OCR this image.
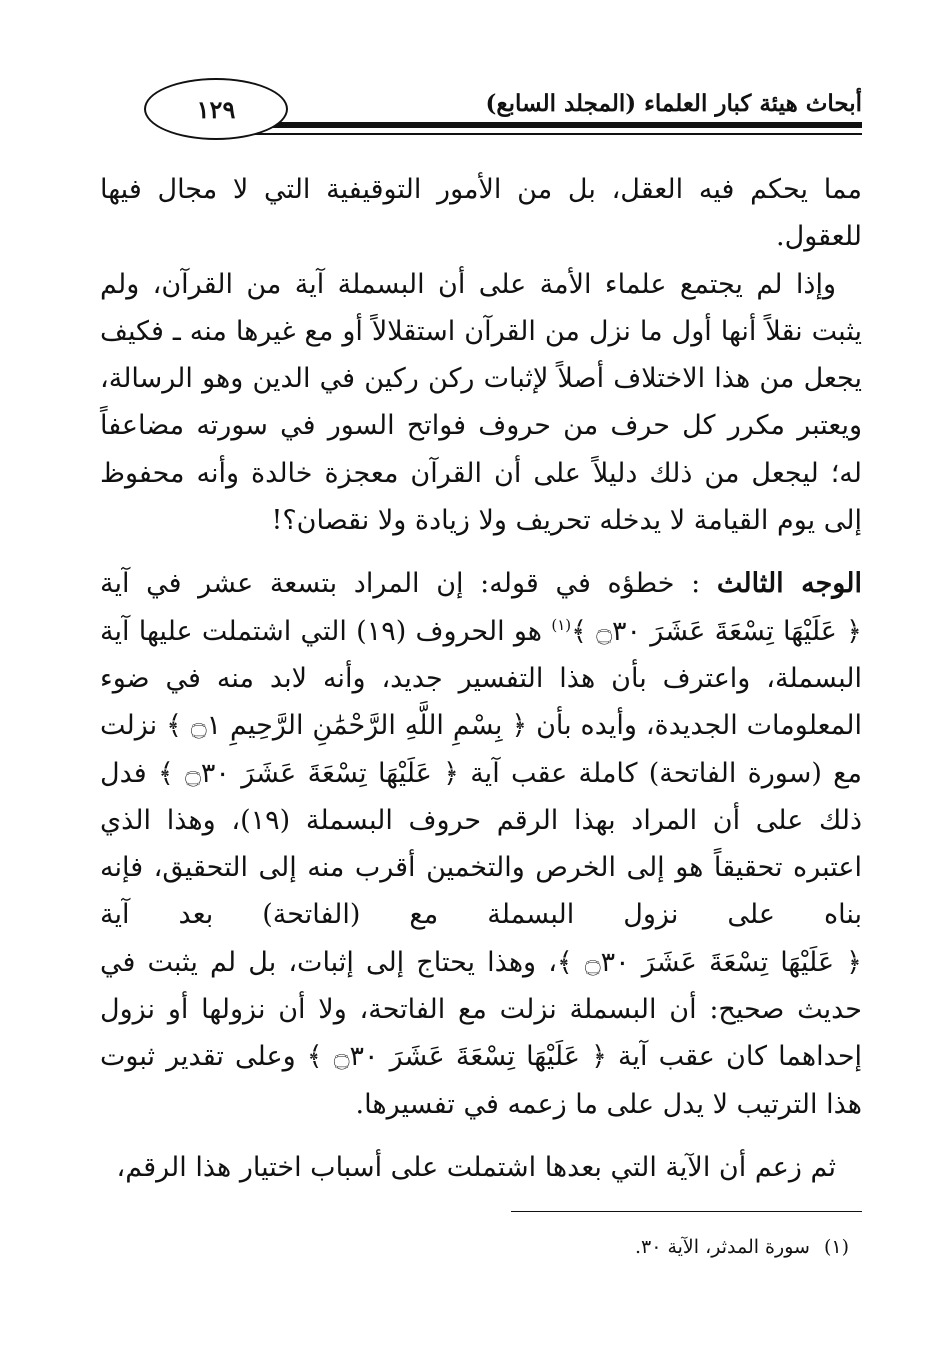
أبحاث هيئة كبار العلماء (المجلد السابع)
١٢٩

مما يحكم فيه العقل، بل من الأمور التوقيفية التي لا مجال فيها للعقول.

وإذا لم يجتمع علماء الأمة على أن البسملة آية من القرآن، ولم يثبت نقلاً أنها أول ما نزل من القرآن استقلالاً أو مع غيرها منه ـ فكيف يجعل من هذا الاختلاف أصلاً لإثبات ركن ركين في الدين وهو الرسالة، ويعتبر مكرر كل حرف من حروف فواتح السور في سورته مضاعفاً له؛ ليجعل من ذلك دليلاً على أن القرآن معجزة خالدة وأنه محفوظ إلى يوم القيامة لا يدخله تحريف ولا زيادة ولا نقصان؟!

الوجه الثالث : خطؤه في قوله: إن المراد بتسعة عشر في آية ﴿ عَلَيْهَا تِسْعَةَ عَشَرَ ۝٣٠ ﴾$^{(١)}$ هو الحروف (١٩) التي اشتملت عليها آية البسملة، واعترف بأن هذا التفسير جديد، وأنه لابد منه في ضوء المعلومات الجديدة، وأيده بأن ﴿ بِسْمِ اللَّهِ الرَّحْمَٰنِ الرَّحِيمِ ۝١ ﴾ نزلت مع (سورة الفاتحة) كاملة عقب آية ﴿ عَلَيْهَا تِسْعَةَ عَشَرَ ۝٣٠ ﴾ فدل ذلك على أن المراد بهذا الرقم حروف البسملة (١٩)، وهذا الذي اعتبره تحقيقاً هو إلى الخرص والتخمين أقرب منه إلى التحقيق، فإنه بناه على نزول البسملة مع (الفاتحة) بعد آية ﴿ عَلَيْهَا تِسْعَةَ عَشَرَ ۝٣٠ ﴾، وهذا يحتاج إلى إثبات، بل لم يثبت في حديث صحيح: أن البسملة نزلت مع الفاتحة، ولا أن نزولها أو نزول إحداهما كان عقب آية ﴿ عَلَيْهَا تِسْعَةَ عَشَرَ ۝٣٠ ﴾ وعلى تقدير ثبوت هذا الترتيب لا يدل على ما زعمه في تفسيرها.

ثم زعم أن الآية التي بعدها اشتملت على أسباب اختيار هذا الرقم،

(١)سورة المدثر، الآية ٣٠.
